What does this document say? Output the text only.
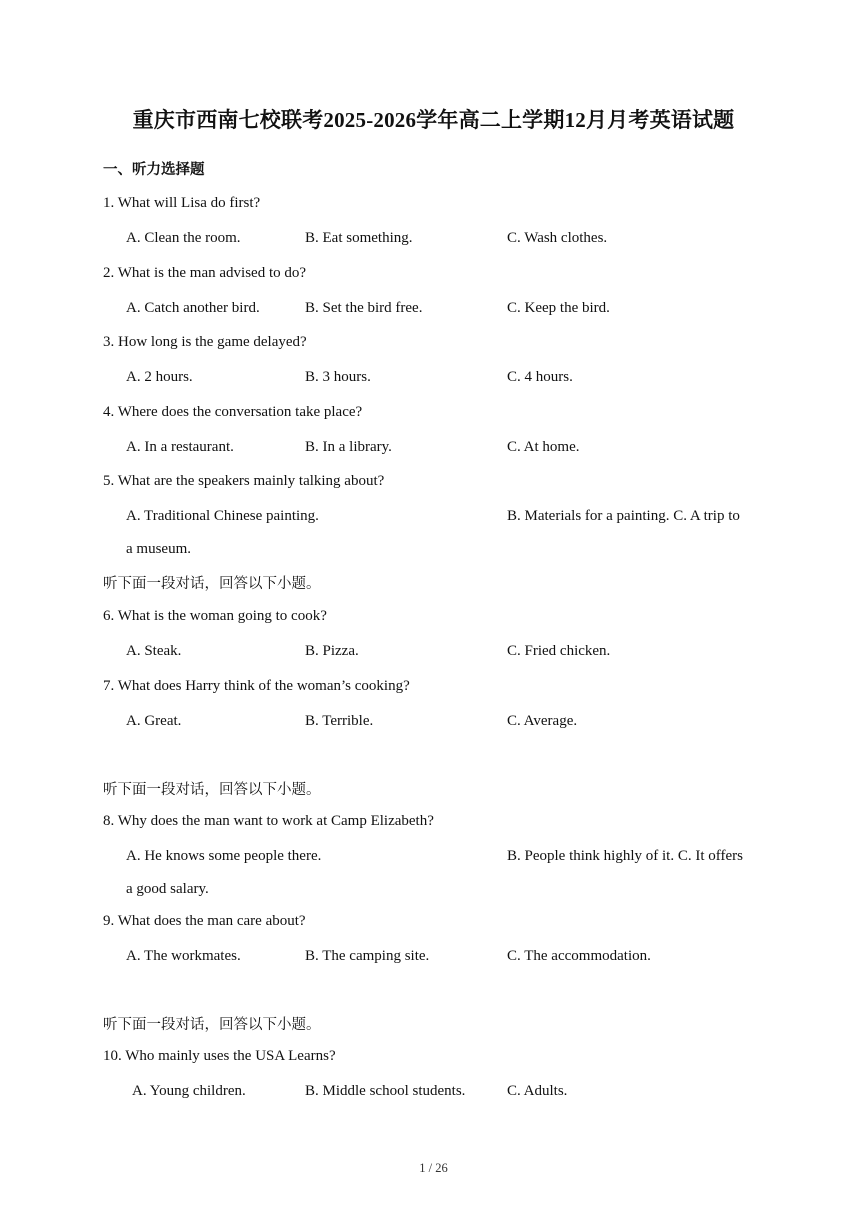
重庆市西南七校联考2025-2026学年高二上学期12月月考英语试题
一、听力选择题
1. What will Lisa do first?
A. Clean the room.	B. Eat something.	C. Wash clothes.
2. What is the man advised to do?
A. Catch another bird.	B. Set the bird free.	C. Keep the bird.
3. How long is the game delayed?
A. 2 hours.	B. 3 hours.	C. 4 hours.
4. Where does the conversation take place?
A. In a restaurant.	B. In a library.	C. At home.
5. What are the speakers mainly talking about?
A. Traditional Chinese painting.	B. Materials for a painting. C. A trip to
a museum.
听下面一段对话，回答以下小题。
6. What is the woman going to cook?
A. Steak.	B. Pizza.	C. Fried chicken.
7. What does Harry think of the woman’s cooking?
A. Great.	B. Terrible.	C. Average.
听下面一段对话，回答以下小题。
8. Why does the man want to work at Camp Elizabeth?
A. He knows some people there.	B. People think highly of it. C. It offers
a good salary.
9. What does the man care about?
A. The workmates.	B. The camping site.	C. The accommodation.
听下面一段对话，回答以下小题。
10. Who mainly uses the USA Learns?
A. Young children.	B. Middle school students.	C. Adults.
1 / 26
